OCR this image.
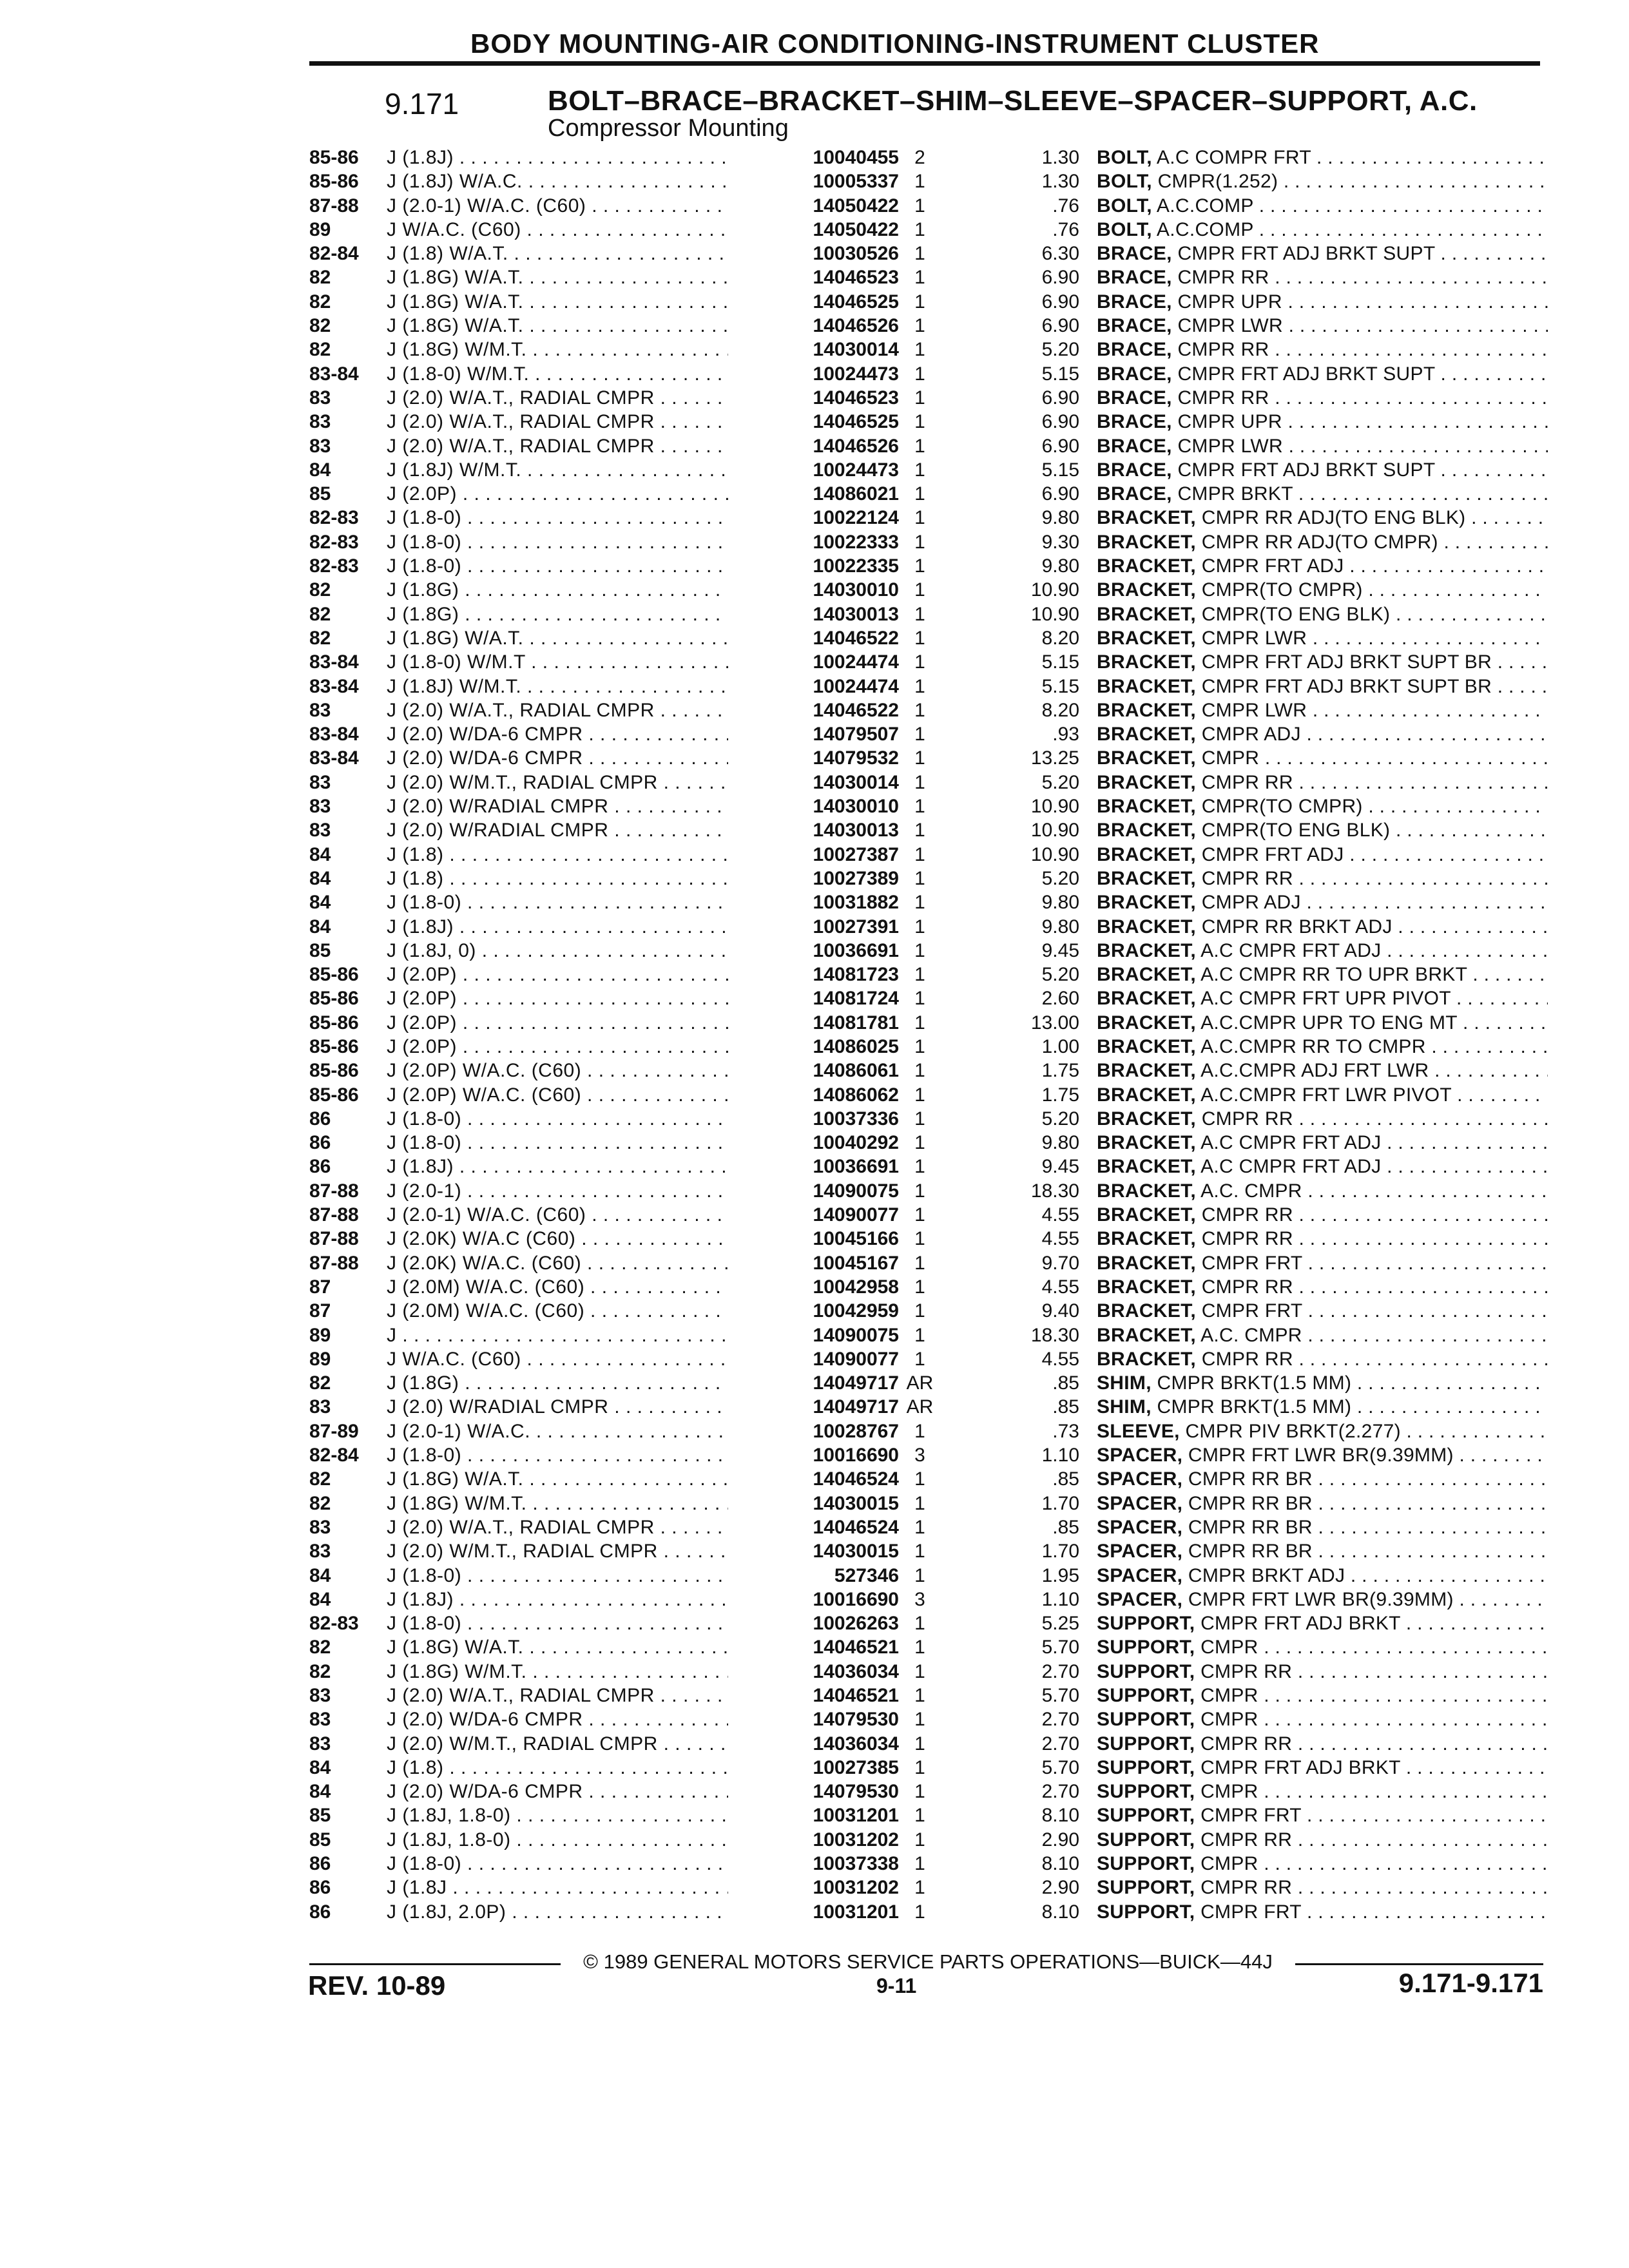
BODY MOUNTING-AIR CONDITIONING-INSTRUMENT CLUSTER
9.171	BOLT–BRACE–BRACKET–SHIM–SLEEVE–SPACER–SUPPORT, A.C.
Compressor Mounting
85-86 J (1.8J) . . .	10040455 2	1.30 BOLT, A.C COMPR FRT . . .
85-86 J (1.8J) W/A.C. . . .	10005337 1	1.30 BOLT, CMPR(1.252) . . .
87-88 J (2.0-1) W/A.C. (C60) . . .	14050422 1	.76 BOLT, A.C.COMP . . .
89	J W/A.C. (C60) . . .	14050422 1	.76 BOLT, A.C.COMP . . .
82-84 J (1.8) W/A.T. . . .	10030526 1	6.30 BRACE, CMPR FRT ADJ BRKT SUPT . . .
82	J (1.8G) W/A.T. . . .	14046523 1	6.90 BRACE, CMPR RR . . .
82	J (1.8G) W/A.T. . . .	14046525 1	6.90 BRACE, CMPR UPR . . .
82	J (1.8G) W/A.T. . . .	14046526 1	6.90 BRACE, CMPR LWR . . .
82	J (1.8G) W/M.T. . . .	14030014 1	5.20 BRACE, CMPR RR . . .
83-84 J (1.8-0) W/M.T. . . .	10024473 1	5.15 BRACE, CMPR FRT ADJ BRKT SUPT . . .
83	J (2.0) W/A.T., RADIAL CMPR . . .	14046523 1	6.90 BRACE, CMPR RR . . .
83	J (2.0) W/A.T., RADIAL CMPR . . .	14046525 1	6.90 BRACE, CMPR UPR . . .
83	J (2.0) W/A.T., RADIAL CMPR . . .	14046526 1	6.90 BRACE, CMPR LWR . . .
84	J (1.8J) W/M.T. . . .	10024473 1	5.15 BRACE, CMPR FRT ADJ BRKT SUPT . . .
85	J (2.0P) . . .	14086021 1	6.90 BRACE, CMPR BRKT . . .
82-83 J (1.8-0) . . .	10022124 1	9.80 BRACKET, CMPR RR ADJ(TO ENG BLK) . . .
82-83 J (1.8-0) . . .	10022333 1	9.30 BRACKET, CMPR RR ADJ(TO CMPR) . . .
82-83 J (1.8-0) . . .	10022335 1	9.80 BRACKET, CMPR FRT ADJ . . .
82	J (1.8G) . . .	14030010 1	10.90 BRACKET, CMPR(TO CMPR) . . .
82	J (1.8G) . . .	14030013 1	10.90 BRACKET, CMPR(TO ENG BLK) . . .
82	J (1.8G) W/A.T. . . .	14046522 1	8.20 BRACKET, CMPR LWR . . .
83-84 J (1.8-0) W/M.T . . .	10024474 1	5.15 BRACKET, CMPR FRT ADJ BRKT SUPT BR . . .
83-84 J (1.8J) W/M.T. . . .	10024474 1	5.15 BRACKET, CMPR FRT ADJ BRKT SUPT BR . . .
83	J (2.0) W/A.T., RADIAL CMPR . . .	14046522 1	8.20 BRACKET, CMPR LWR . . .
83-84 J (2.0) W/DA-6 CMPR . . .	14079507 1	.93 BRACKET, CMPR ADJ . . .
83-84 J (2.0) W/DA-6 CMPR . . .	14079532 1	13.25 BRACKET, CMPR . . .
83	J (2.0) W/M.T., RADIAL CMPR . . .	14030014 1	5.20 BRACKET, CMPR RR . . .
83	J (2.0) W/RADIAL CMPR . . .	14030010 1	10.90 BRACKET, CMPR(TO CMPR) . . .
83	J (2.0) W/RADIAL CMPR . . .	14030013 1	10.90 BRACKET, CMPR(TO ENG BLK) . . .
84	J (1.8) . . .	10027387 1	10.90 BRACKET, CMPR FRT ADJ . . .
84	J (1.8) . . .	10027389 1	5.20 BRACKET, CMPR RR . . .
84	J (1.8-0) . . .	10031882 1	9.80 BRACKET, CMPR ADJ . . .
84	J (1.8J) . . .	10027391 1	9.80 BRACKET, CMPR RR BRKT ADJ . . .
85	J (1.8J, 0) . . .	10036691 1	9.45 BRACKET, A.C CMPR FRT ADJ . . .
85-86 J (2.0P) . . .	14081723 1	5.20 BRACKET, A.C CMPR RR TO UPR BRKT . . .
85-86 J (2.0P) . . .	14081724 1	2.60 BRACKET, A.C CMPR FRT UPR PIVOT . . .
85-86 J (2.0P) . . .	14081781 1	13.00 BRACKET, A.C.CMPR UPR TO ENG MT . . .
85-86 J (2.0P) . . .	14086025 1	1.00 BRACKET, A.C.CMPR RR TO CMPR . . .
85-86 J (2.0P) W/A.C. (C60) . . .	14086061 1	1.75 BRACKET, A.C.CMPR ADJ FRT LWR . . .
85-86 J (2.0P) W/A.C. (C60) . . .	14086062 1	1.75 BRACKET, A.C.CMPR FRT LWR PIVOT . . .
86	J (1.8-0) . . .	10037336 1	5.20 BRACKET, CMPR RR . . .
86	J (1.8-0) . . .	10040292 1	9.80 BRACKET, A.C CMPR FRT ADJ . . .
86	J (1.8J) . . .	10036691 1	9.45 BRACKET, A.C CMPR FRT ADJ . . .
87-88 J (2.0-1) . . .	14090075 1	18.30 BRACKET, A.C. CMPR . . .
87-88 J (2.0-1) W/A.C. (C60) . . .	14090077 1	4.55 BRACKET, CMPR RR . . .
87-88 J (2.0K) W/A.C (C60) . . .	10045166 1	4.55 BRACKET, CMPR RR . . .
87-88 J (2.0K) W/A.C. (C60) . . .	10045167 1	9.70 BRACKET, CMPR FRT . . .
87	J (2.0M) W/A.C. (C60) . . .	10042958 1	4.55 BRACKET, CMPR RR . . .
87	J (2.0M) W/A.C. (C60) . . .	10042959 1	9.40 BRACKET, CMPR FRT . . .
89	J . . .	14090075 1	18.30 BRACKET, A.C. CMPR . . .
89	J W/A.C. (C60) . . .	14090077 1	4.55 BRACKET, CMPR RR . . .
82	J (1.8G) . . .	14049717 AR	.85 SHIM, CMPR BRKT(1.5 MM) . . .
83	J (2.0) W/RADIAL CMPR . . .	14049717 AR	.85 SHIM, CMPR BRKT(1.5 MM) . . .
87-89 J (2.0-1) W/A.C. . . .	10028767 1	.73 SLEEVE, CMPR PIV BRKT(2.277) . . .
82-84 J (1.8-0) . . .	10016690 3	1.10 SPACER, CMPR FRT LWR BR(9.39MM) . . .
82	J (1.8G) W/A.T. . . .	14046524 1	.85 SPACER, CMPR RR BR . . .
82	J (1.8G) W/M.T. . . .	14030015 1	1.70 SPACER, CMPR RR BR . . .
83	J (2.0) W/A.T., RADIAL CMPR . . .	14046524 1	.85 SPACER, CMPR RR BR . . .
83	J (2.0) W/M.T., RADIAL CMPR . . .	14030015 1	1.70 SPACER, CMPR RR BR . . .
84	J (1.8-0) . . .	527346 1	1.95 SPACER, CMPR BRKT ADJ . . .
84	J (1.8J) . . .	10016690 3	1.10 SPACER, CMPR FRT LWR BR(9.39MM) . . .
82-83 J (1.8-0) . . .	10026263 1	5.25 SUPPORT, CMPR FRT ADJ BRKT . . .
82	J (1.8G) W/A.T. . . .	14046521 1	5.70 SUPPORT, CMPR . . .
82	J (1.8G) W/M.T. . . .	14036034 1	2.70 SUPPORT, CMPR RR . . .
83	J (2.0) W/A.T., RADIAL CMPR . . .	14046521 1	5.70 SUPPORT, CMPR . . .
83	J (2.0) W/DA-6 CMPR . . .	14079530 1	2.70 SUPPORT, CMPR . . .
83	J (2.0) W/M.T., RADIAL CMPR . . .	14036034 1	2.70 SUPPORT, CMPR RR . . .
84	J (1.8) . . .	10027385 1	5.70 SUPPORT, CMPR FRT ADJ BRKT . . .
84	J (2.0) W/DA-6 CMPR . . .	14079530 1	2.70 SUPPORT, CMPR . . .
85	J (1.8J, 1.8-0) . . .	10031201 1	8.10 SUPPORT, CMPR FRT . . .
85	J (1.8J, 1.8-0) . . .	10031202 1	2.90 SUPPORT, CMPR RR . . .
86	J (1.8-0) . . .	10037338 1	8.10 SUPPORT, CMPR . . .
86	J (1.8J . . .	10031202 1	2.90 SUPPORT, CMPR RR . . .
86	J (1.8J, 2.0P) . . .	10031201 1	8.10 SUPPORT, CMPR FRT . . .
© 1989 GENERAL MOTORS SERVICE PARTS OPERATIONS—BUICK—44J
REV. 10-89	9-11	9.171-9.171
